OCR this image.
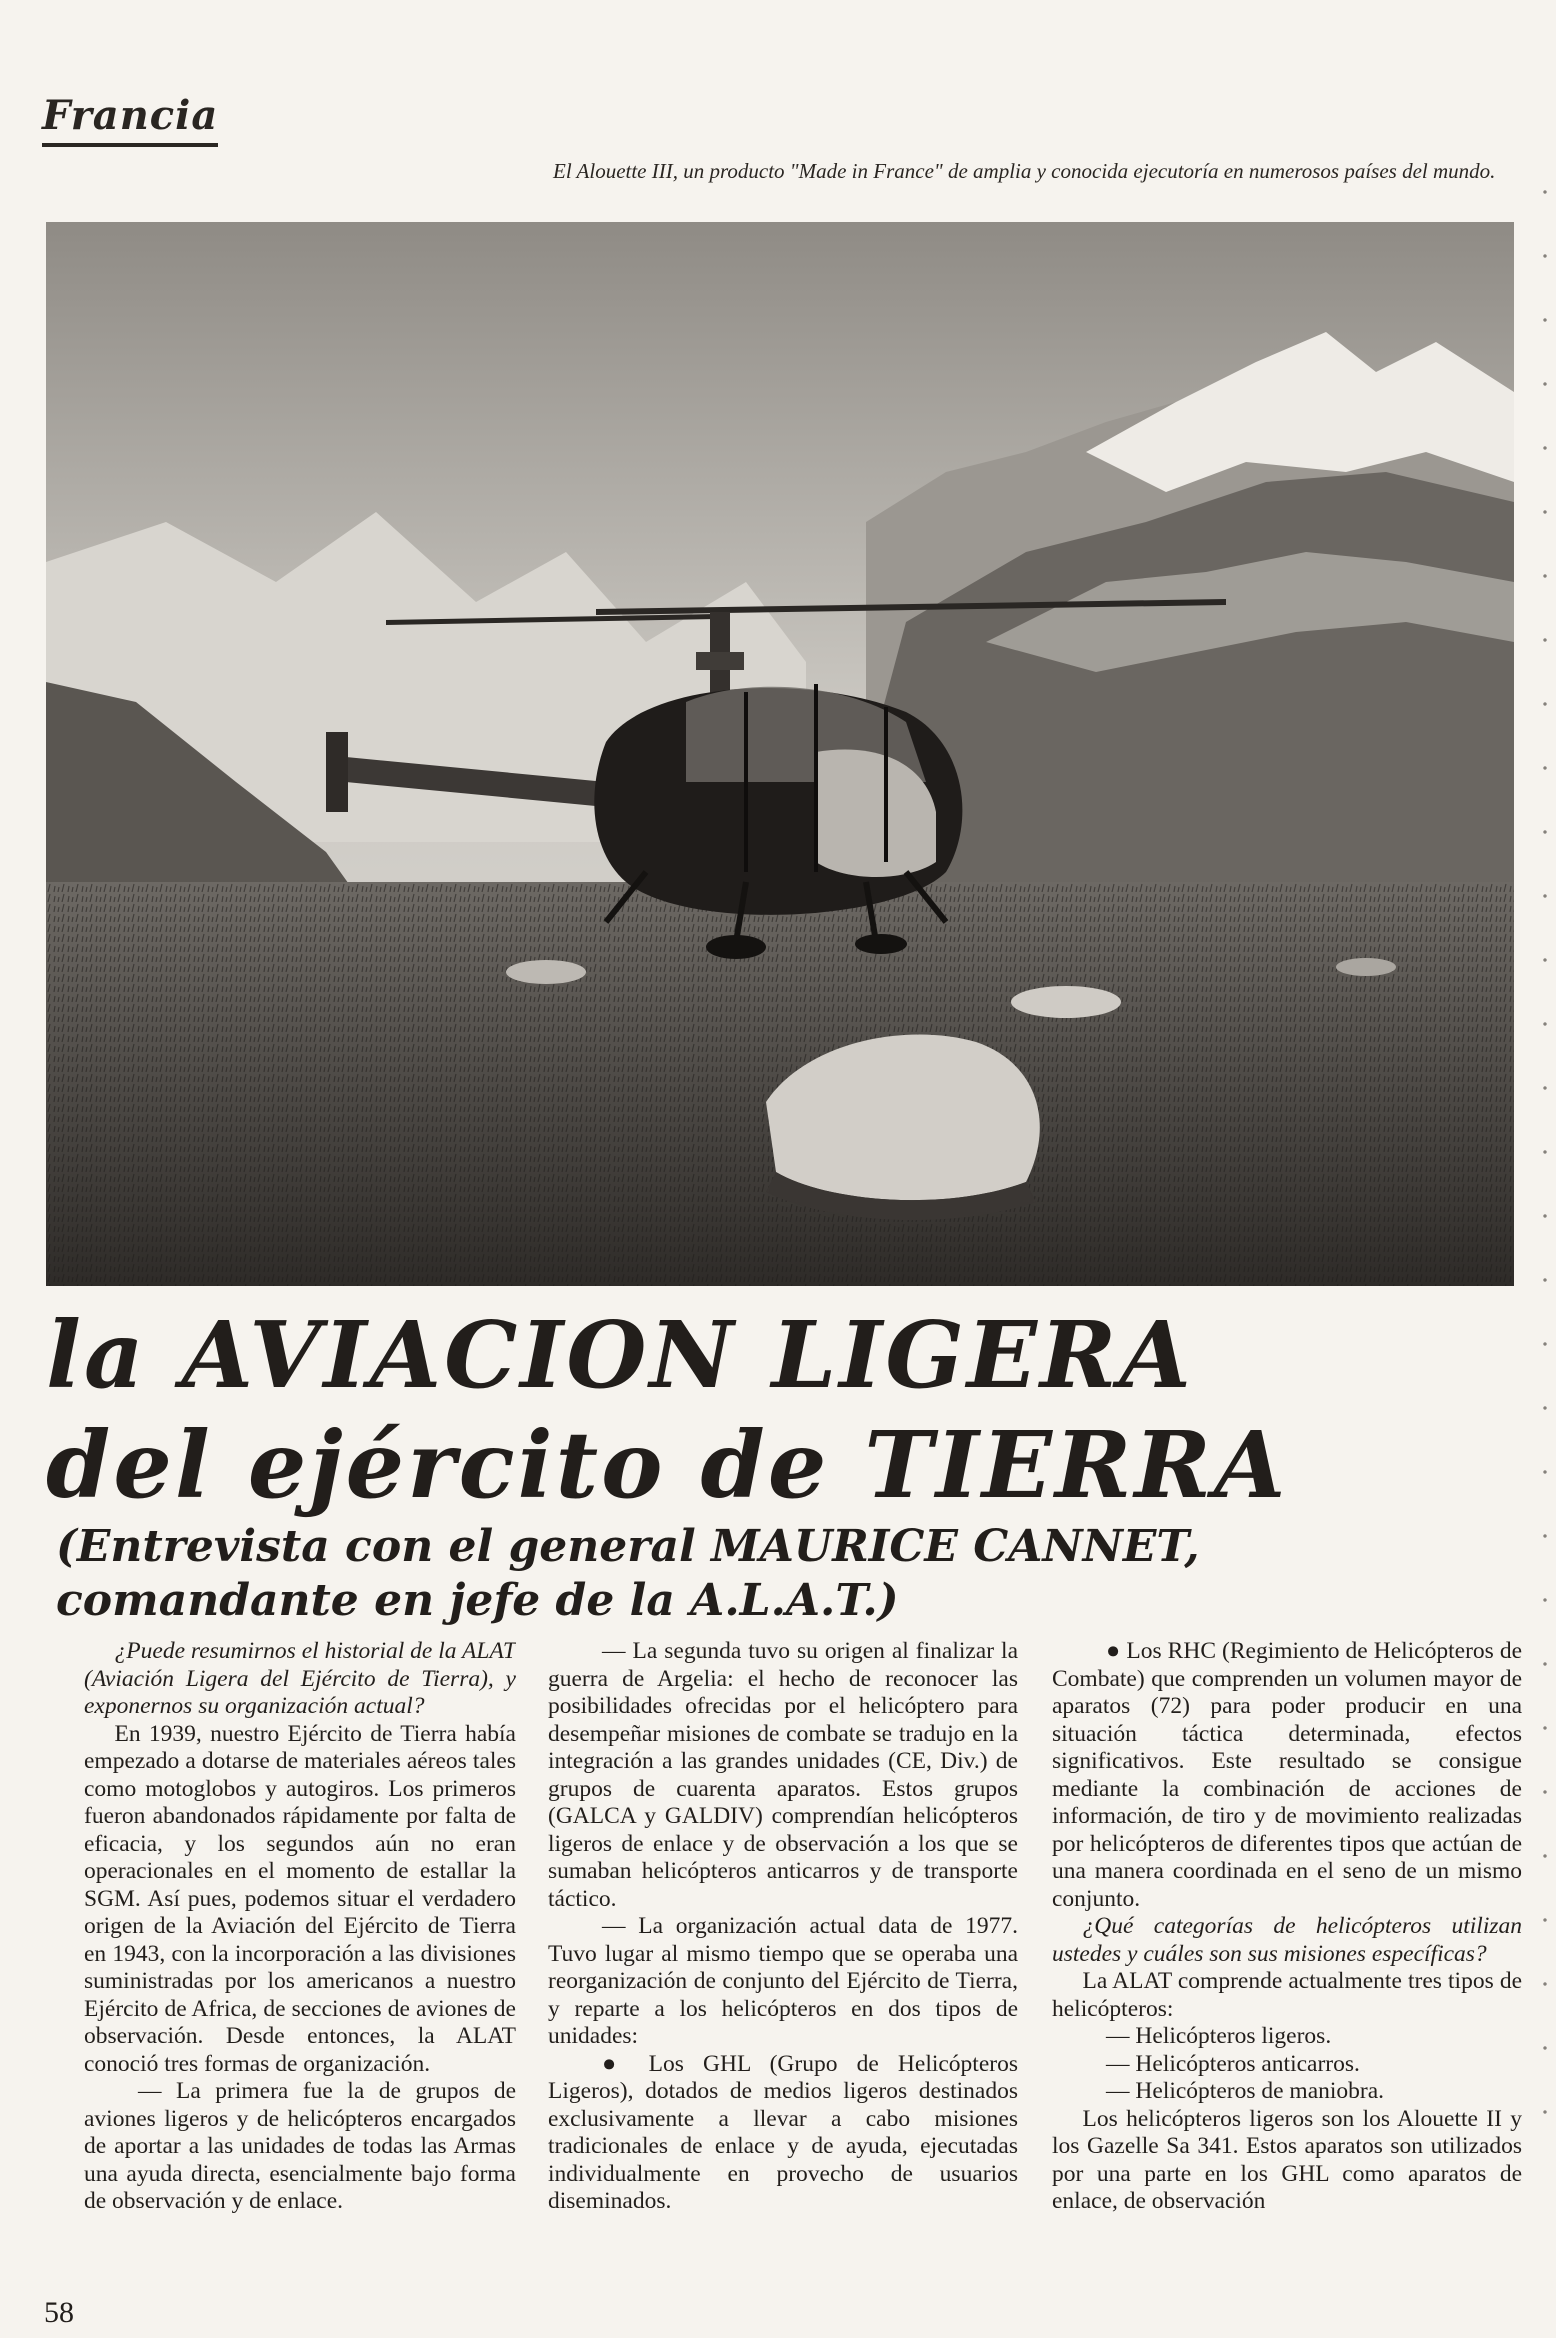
Francia
El Alouette III, un producto "Made in France" de amplia y conocida ejecutoría en numerosos países del mundo.
la AVIACION LIGERA
del ejército de TIERRA
(Entrevista con el general MAURICE CANNET,
comandante en jefe de la A.L.A.T.)

¿Puede resumirnos el historial de la ALAT (Aviación Ligera del Ejército de Tierra), y exponernos su organización actual?

En 1939, nuestro Ejército de Tierra había empezado a dotarse de materiales aéreos tales como motoglobos y autogiros. Los primeros fueron abandonados rápidamente por falta de eficacia, y los segundos aún no eran operacionales en el momento de estallar la SGM. Así pues, podemos situar el verdadero origen de la Aviación del Ejército de Tierra en 1943, con la incorporación a las divisiones suministradas por los americanos a nuestro Ejército de Africa, de secciones de aviones de observación. Desde entonces, la ALAT conoció tres formas de organización.

— La primera fue la de grupos de aviones ligeros y de helicópteros encargados de aportar a las unidades de todas las Armas una ayuda directa, esencialmente bajo forma de observación y de enlace.

— La segunda tuvo su origen al finalizar la guerra de Argelia: el hecho de reconocer las posibilidades ofrecidas por el helicóptero para desempeñar misiones de combate se tradujo en la integración a las grandes unidades (CE, Div.) de grupos de cuarenta aparatos. Estos grupos (GALCA y GALDIV) comprendían helicópteros ligeros de enlace y de observación a los que se sumaban helicópteros anticarros y de transporte táctico.

— La organización actual data de 1977. Tuvo lugar al mismo tiempo que se operaba una reorganización de conjunto del Ejército de Tierra, y reparte a los helicópteros en dos tipos de unidades:

● Los GHL (Grupo de Helicópteros Ligeros), dotados de medios ligeros destinados exclusivamente a llevar a cabo misiones tradicionales de enlace y de ayuda, ejecutadas individualmente en provecho de usuarios diseminados.

● Los RHC (Regimiento de Helicópteros de Combate) que comprenden un volumen mayor de aparatos (72) para poder producir en una situación táctica determinada, efectos significativos. Este resultado se consigue mediante la combinación de acciones de información, de tiro y de movimiento realizadas por helicópteros de diferentes tipos que actúan de una manera coordinada en el seno de un mismo conjunto.

¿Qué categorías de helicópteros utilizan ustedes y cuáles son sus misiones específicas?

La ALAT comprende actualmente tres tipos de helicópteros:

— Helicópteros ligeros.

— Helicópteros anticarros.

— Helicópteros de maniobra.

Los helicópteros ligeros son los Alouette II y los Gazelle Sa 341. Estos aparatos son utilizados por una parte en los GHL como aparatos de enlace, de observación

58
